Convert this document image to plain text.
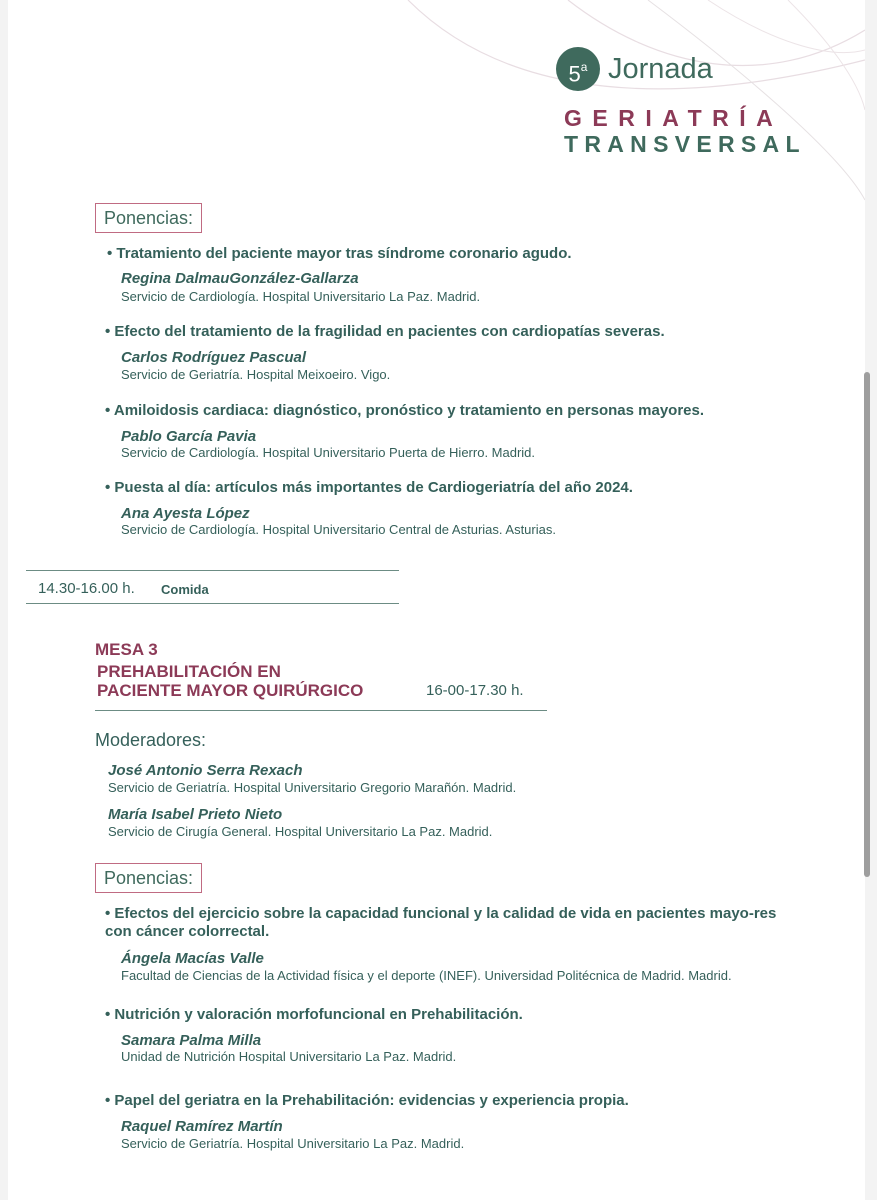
5$^a$ Jornada
GERIATRÍA
TRANSVERSAL
Ponencias:
• Tratamiento del paciente mayor tras síndrome coronario agudo.
Regina DalmauGonzález-Gallarza
Servicio de Cardiología. Hospital Universitario La Paz. Madrid.
• Efecto del tratamiento de la fragilidad en pacientes con cardiopatías severas.
Carlos Rodríguez Pascual
Servicio de Geriatría. Hospital Meixoeiro. Vigo.
• Amiloidosis cardiaca: diagnóstico, pronóstico y tratamiento en personas mayores.
Pablo García Pavia
Servicio de Cardiología. Hospital Universitario Puerta de Hierro. Madrid.
• Puesta al día: artículos más importantes de Cardiogeriatría del año 2024.
Ana Ayesta López
Servicio de Cardiología. Hospital Universitario Central de Asturias. Asturias.
14.30-16.00 h. Comida
MESA 3
PREHABILITACIÓN EN
PACIENTE MAYOR QUIRÚRGICO	16-00-17.30 h.
Moderadores:
José Antonio Serra Rexach
Servicio de Geriatría. Hospital Universitario Gregorio Marañón. Madrid.
María Isabel Prieto Nieto
Servicio de Cirugía General. Hospital Universitario La Paz. Madrid.
Ponencias:
• Efectos del ejercicio sobre la capacidad funcional y la calidad de vida en pacientes mayo-res con cáncer colorrectal.
Ángela Macías Valle
Facultad de Ciencias de la Actividad física y el deporte (INEF). Universidad Politécnica de Madrid. Madrid.
• Nutrición y valoración morfofuncional en Prehabilitación.
Samara Palma Milla
Unidad de Nutrición Hospital Universitario La Paz. Madrid.
• Papel del geriatra en la Prehabilitación: evidencias y experiencia propia.
Raquel Ramírez Martín
Servicio de Geriatría. Hospital Universitario La Paz. Madrid.
